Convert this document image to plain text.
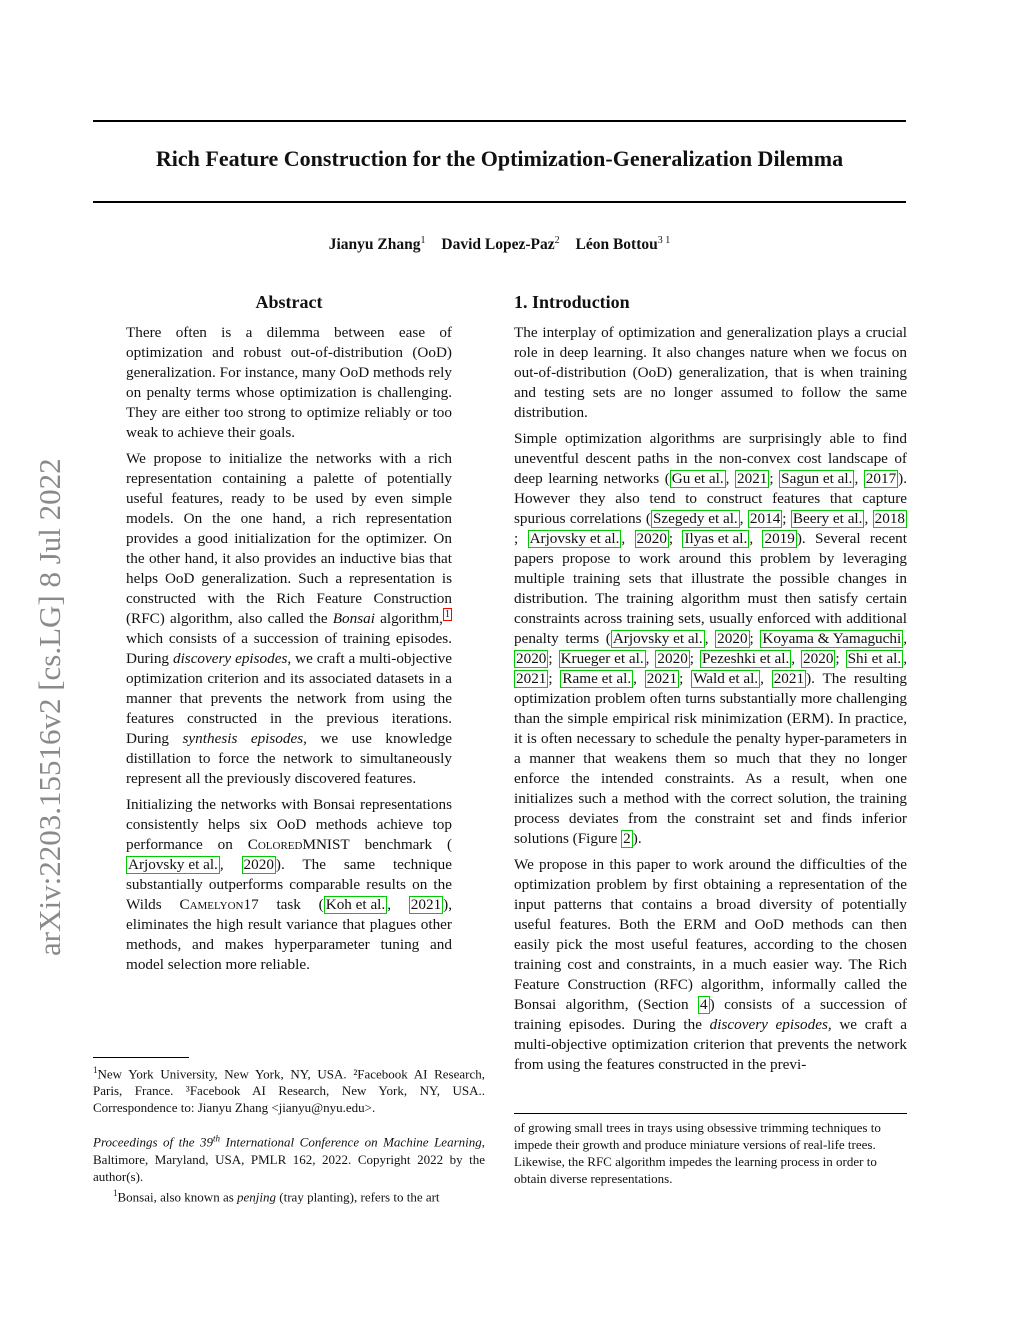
arXiv:2203.15516v2 [cs.LG] 8 Jul 2022
Rich Feature Construction for the Optimization-Generalization Dilemma
Jianyu Zhang$^1$ David Lopez-Paz$^2$ Léon Bottou$^{3 1}$
Abstract

There often is a dilemma between ease of optimization and robust out-of-distribution (OoD) generalization. For instance, many OoD methods rely on penalty terms whose optimization is challenging. They are either too strong to optimize reliably or too weak to achieve their goals.

We propose to initialize the networks with a rich representation containing a palette of potentially useful features, ready to be used by even simple models. On the one hand, a rich representation provides a good initialization for the optimizer. On the other hand, it also provides an inductive bias that helps OoD generalization. Such a representation is constructed with the Rich Feature Construction (RFC) algorithm, also called the Bonsai algorithm, $^1$ which consists of a succession of training episodes. During discovery episodes, we craft a multi-objective optimization criterion and its associated datasets in a manner that prevents the network from using the features constructed in the previous iterations. During synthesis episodes, we use knowledge distillation to force the network to simultaneously represent all the previously discovered features.

Initializing the networks with Bonsai representations consistently helps six OoD methods achieve top performance on ColoredMNIST benchmark (Arjovsky et al. , 2020 ). The same technique substantially outperforms comparable results on the Wilds Camelyon17 task ( Koh et al. , 2021 ), eliminates the high result variance that plagues other methods, and makes hyperparameter tuning and model selection more reliable.

1. Introduction

The interplay of optimization and generalization plays a crucial role in deep learning. It also changes nature when we focus on out-of-distribution (OoD) generalization, that is when training and testing sets are no longer assumed to follow the same distribution.

Simple optimization algorithms are surprisingly able to find uneventful descent paths in the non-convex cost landscape of deep learning networks ( Gu et al. , 2021 ; Sagun et al. , 2017 ). However they also tend to construct features that capture spurious correlations ( Szegedy et al. , 2014 ; Beery et al. , 2018; Arjovsky et al. , 2020 ; Ilyas et al. , 2019 ). Several recent papers propose to work around this problem by leveraging multiple training sets that illustrate the possible changes in distribution. The training algorithm must then satisfy certain constraints across training sets, usually enforced with additional penalty terms ( Arjovsky et al. , 2020 ; Koyama & Yamaguchi , 2020 ; Krueger et al. , 2020 ; Pezeshki et al. , 2020 ; Shi et al. , 2021 ; Rame et al. , 2021 ; Wald et al. , 2021 ). The resulting optimization problem often turns substantially more challenging than the simple empirical risk minimization (ERM). In practice, it is often necessary to schedule the penalty hyper-parameters in a manner that weakens them so much that they no longer enforce the intended constraints. As a result, when one initializes such a method with the correct solution, the training process deviates from the constraint set and finds inferior solutions (Figure 2 ).

We propose in this paper to work around the difficulties of the optimization problem by first obtaining a representation of the input patterns that contains a broad diversity of potentially useful features. Both the ERM and OoD methods can then easily pick the most useful features, according to the chosen training cost and constraints, in a much easier way. The Rich Feature Construction (RFC) algorithm, informally called the Bonsai algorithm, (Section 4 ) consists of a succession of training episodes. During the discovery episodes, we craft a multi-objective optimization criterion that prevents the network from using the features constructed in the previ-

$^1$New York University, New York, NY, USA. ²Facebook AI Research, Paris, France. ³Facebook AI Research, New York, NY, USA.. Correspondence to: Jianyu Zhang <jianyu@nyu.edu>.

Proceedings of the 39th International Conference on Machine Learning, Baltimore, Maryland, USA, PMLR 162, 2022. Copyright 2022 by the author(s).

$^1$Bonsai, also known as penjing (tray planting), refers to the art

of growing small trees in trays using obsessive trimming techniques to impede their growth and produce miniature versions of real-life trees. Likewise, the RFC algorithm impedes the learning process in order to obtain diverse representations.
